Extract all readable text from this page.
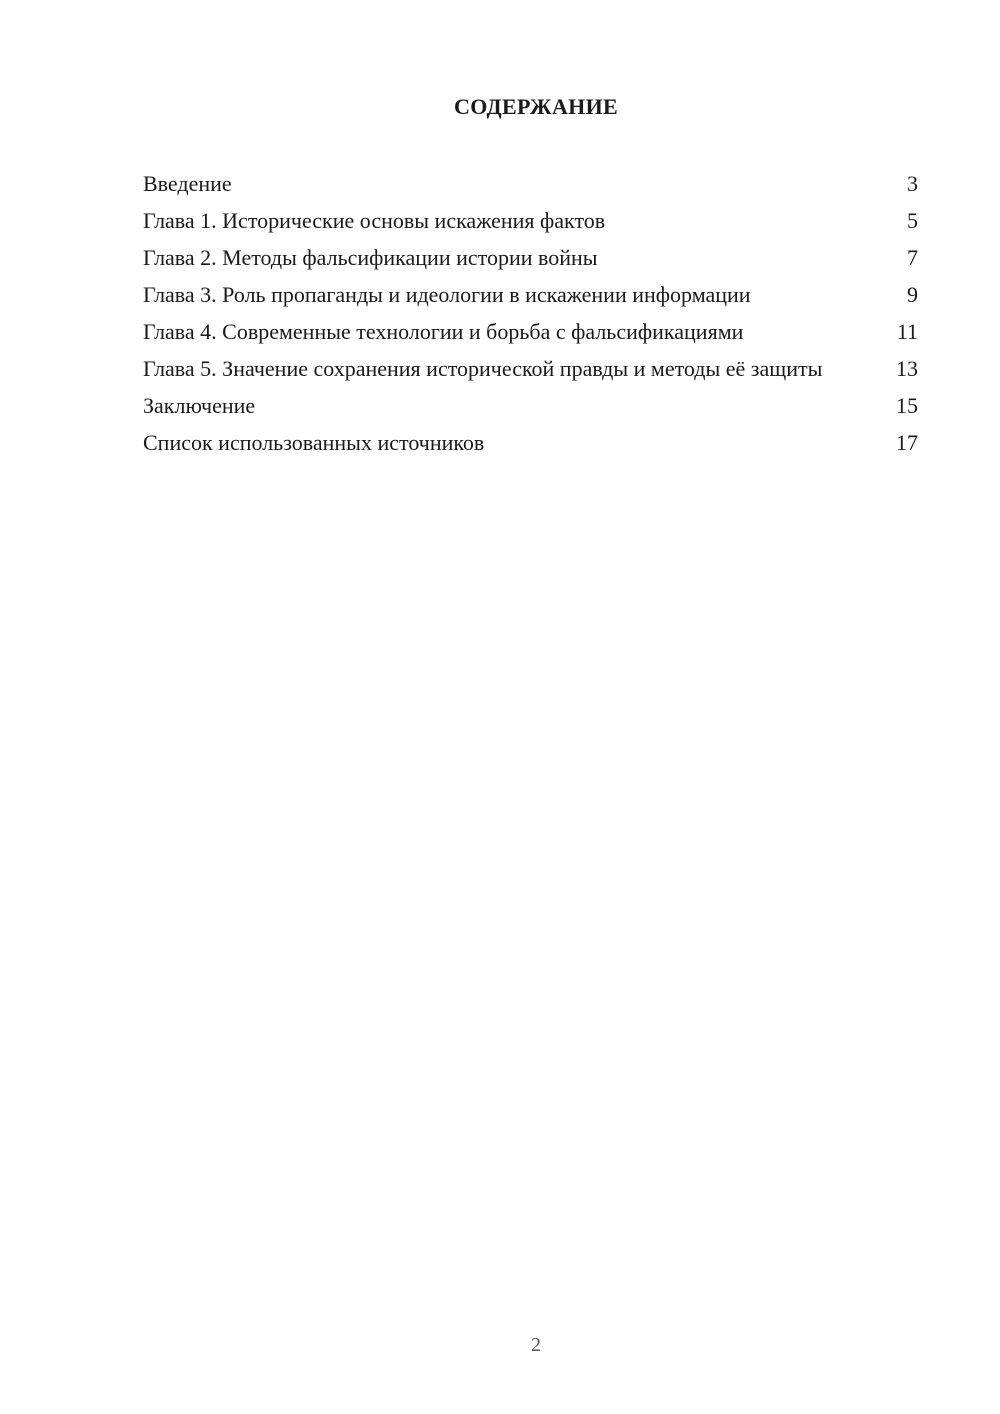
СОДЕРЖАНИЕ
Введение	3
Глава 1. Исторические основы искажения фактов	5
Глава 2. Методы фальсификации истории войны	7
Глава 3. Роль пропаганды и идеологии в искажении информации	9
Глава 4. Современные технологии и борьба с фальсификациями	11
Глава 5. Значение сохранения исторической правды и методы её защиты	13
Заключение	15
Список использованных источников	17
2
